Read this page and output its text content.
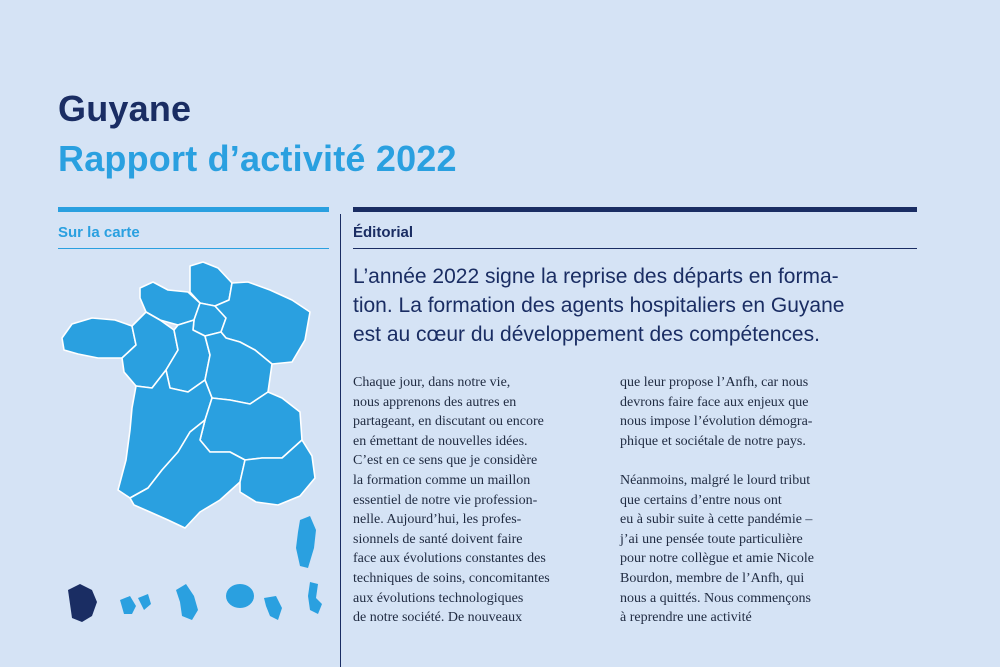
Guyane
Rapport d’activité 2022
Sur la carte	Éditorial
L’année 2022 signe la reprise des départs en forma-
tion. La formation des agents hospitaliers en Guyane
est au cœur du développement des compétences.
Chaque jour, dans notre vie,
nous apprenons des autres en
partageant, en discutant ou encore
en émettant de nouvelles idées.
C’est en ce sens que je considère
la formation comme un maillon
essentiel de notre vie profession-
nelle. Aujourd’hui, les profes-
sionnels de santé doivent faire
face aux évolutions constantes des
techniques de soins, concomitantes
aux évolutions technologiques
de notre société. De nouveaux
que leur propose l’Anfh, car nous
devrons faire face aux enjeux que
nous impose l’évolution démogra-
phique et sociétale de notre pays.
Néanmoins, malgré le lourd tribut
que certains d’entre nous ont
eu à subir suite à cette pandémie –
j’ai une pensée toute particulière
pour notre collègue et amie Nicole
Bourdon, membre de l’Anfh, qui
nous a quittés. Nous commençons
à reprendre une activité
